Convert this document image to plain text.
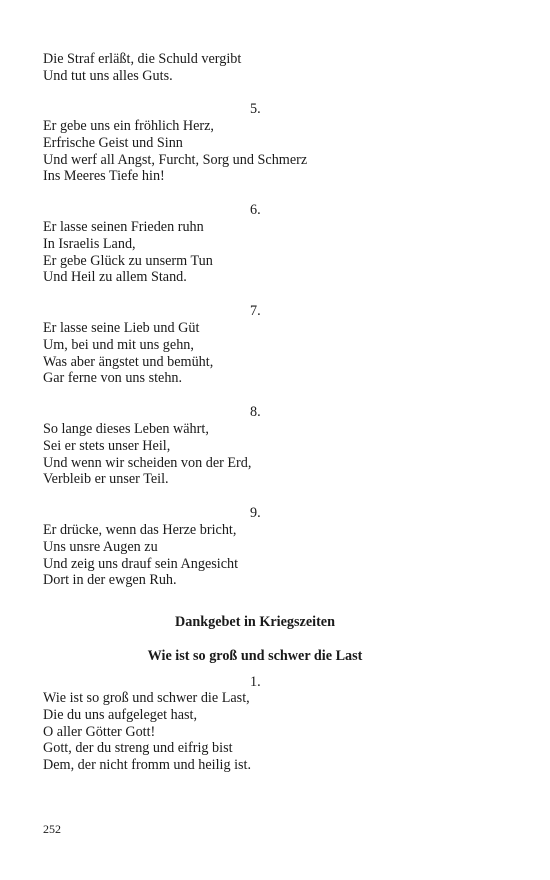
Die Straf erläßt, die Schuld vergibt
Und tut uns alles Guts.
5.
Er gebe uns ein fröhlich Herz,
Erfrische Geist und Sinn
Und werf all Angst, Furcht, Sorg und Schmerz
Ins Meeres Tiefe hin!
6.
Er lasse seinen Frieden ruhn
In Israelis Land,
Er gebe Glück zu unserm Tun
Und Heil zu allem Stand.
7.
Er lasse seine Lieb und Güt
Um, bei und mit uns gehn,
Was aber ängstet und bemüht,
Gar ferne von uns stehn.
8.
So lange dieses Leben währt,
Sei er stets unser Heil,
Und wenn wir scheiden von der Erd,
Verbleib er unser Teil.
9.
Er drücke, wenn das Herze bricht,
Uns unsre Augen zu
Und zeig uns drauf sein Angesicht
Dort in der ewgen Ruh.
Dankgebet in Kriegszeiten
Wie ist so groß und schwer die Last
1.
Wie ist so groß und schwer die Last,
Die du uns aufgeleget hast,
O aller Götter Gott!
Gott, der du streng und eifrig bist
Dem, der nicht fromm und heilig ist.
252
